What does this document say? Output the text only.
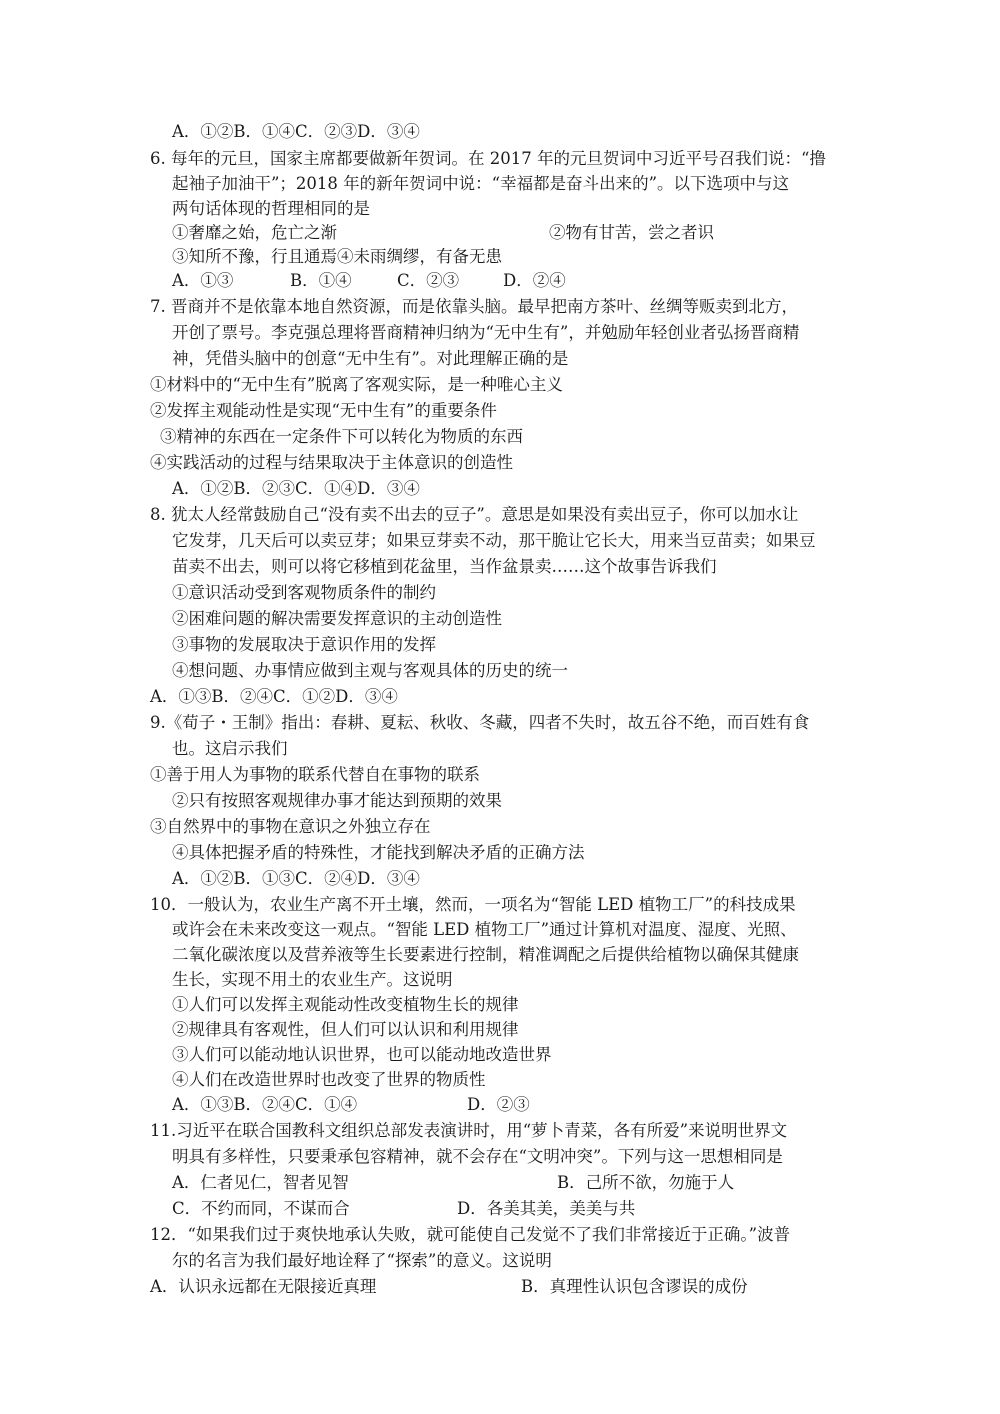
A．①②B．①④C．②③D．③④
6. 每年的元旦，国家主席都要做新年贺词。在 2017 年的元旦贺词中习近平号召我们说：“撸
起袖子加油干”；2018 年的新年贺词中说：“幸福都是奋斗出来的”。以下选项中与这
两句话体现的哲理相同的是
①奢靡之始，危亡之渐	②物有甘苦，尝之者识
③知所不豫，行且通焉④未雨绸缪，有备无患
A．①③	B．①④	C．②③	D．②④
7. 晋商并不是依靠本地自然资源，而是依靠头脑。最早把南方茶叶、丝绸等贩卖到北方，
开创了票号。李克强总理将晋商精神归纳为“无中生有”，并勉励年轻创业者弘扬晋商精
神，凭借头脑中的创意“无中生有”。对此理解正确的是
①材料中的“无中生有”脱离了客观实际，是一种唯心主义
②发挥主观能动性是实现“无中生有”的重要条件
③精神的东西在一定条件下可以转化为物质的东西
④实践活动的过程与结果取决于主体意识的创造性
A．①②B．②③C．①④D．③④
8. 犹太人经常鼓励自己“没有卖不出去的豆子”。意思是如果没有卖出豆子，你可以加水让
它发芽，几天后可以卖豆芽；如果豆芽卖不动，那干脆让它长大，用来当豆苗卖；如果豆
苗卖不出去，则可以将它移植到花盆里，当作盆景卖……这个故事告诉我们
①意识活动受到客观物质条件的制约
②困难问题的解决需要发挥意识的主动创造性
③事物的发展取决于意识作用的发挥
④想问题、办事情应做到主观与客观具体的历史的统一
A．①③B．②④C．①②D．③④
9.《荀子・王制》指出：春耕、夏耘、秋收、冬藏，四者不失时，故五谷不绝，而百姓有食
也。这启示我们
①善于用人为事物的联系代替自在事物的联系
②只有按照客观规律办事才能达到预期的效果
③自然界中的事物在意识之外独立存在
④具体把握矛盾的特殊性，才能找到解决矛盾的正确方法
A．①②B．①③C．②④D．③④
10．一般认为，农业生产离不开土壤，然而，一项名为“智能 LED 植物工厂”的科技成果
或许会在未来改变这一观点。“智能 LED 植物工厂”通过计算机对温度、湿度、光照、
二氧化碳浓度以及营养液等生长要素进行控制，精准调配之后提供给植物以确保其健康
生长，实现不用土的农业生产。这说明
①人们可以发挥主观能动性改变植物生长的规律
②规律具有客观性，但人们可以认识和利用规律
③人们可以能动地认识世界，也可以能动地改造世界
④人们在改造世界时也改变了世界的物质性
A．①③B．②④C．①④	D．②③
11.习近平在联合国教科文组织总部发表演讲时，用“萝卜青菜，各有所爱”来说明世界文
明具有多样性，只要秉承包容精神，就不会存在“文明冲突”。下列与这一思想相同是
A．仁者见仁，智者见智	B．己所不欲，勿施于人
C．不约而同，不谋而合	D．各美其美，美美与共
12．“如果我们过于爽快地承认失败，就可能使自己发觉不了我们非常接近于正确。”波普
尔的名言为我们最好地诠释了“探索”的意义。这说明
A．认识永远都在无限接近真理	B．真理性认识包含谬误的成份
